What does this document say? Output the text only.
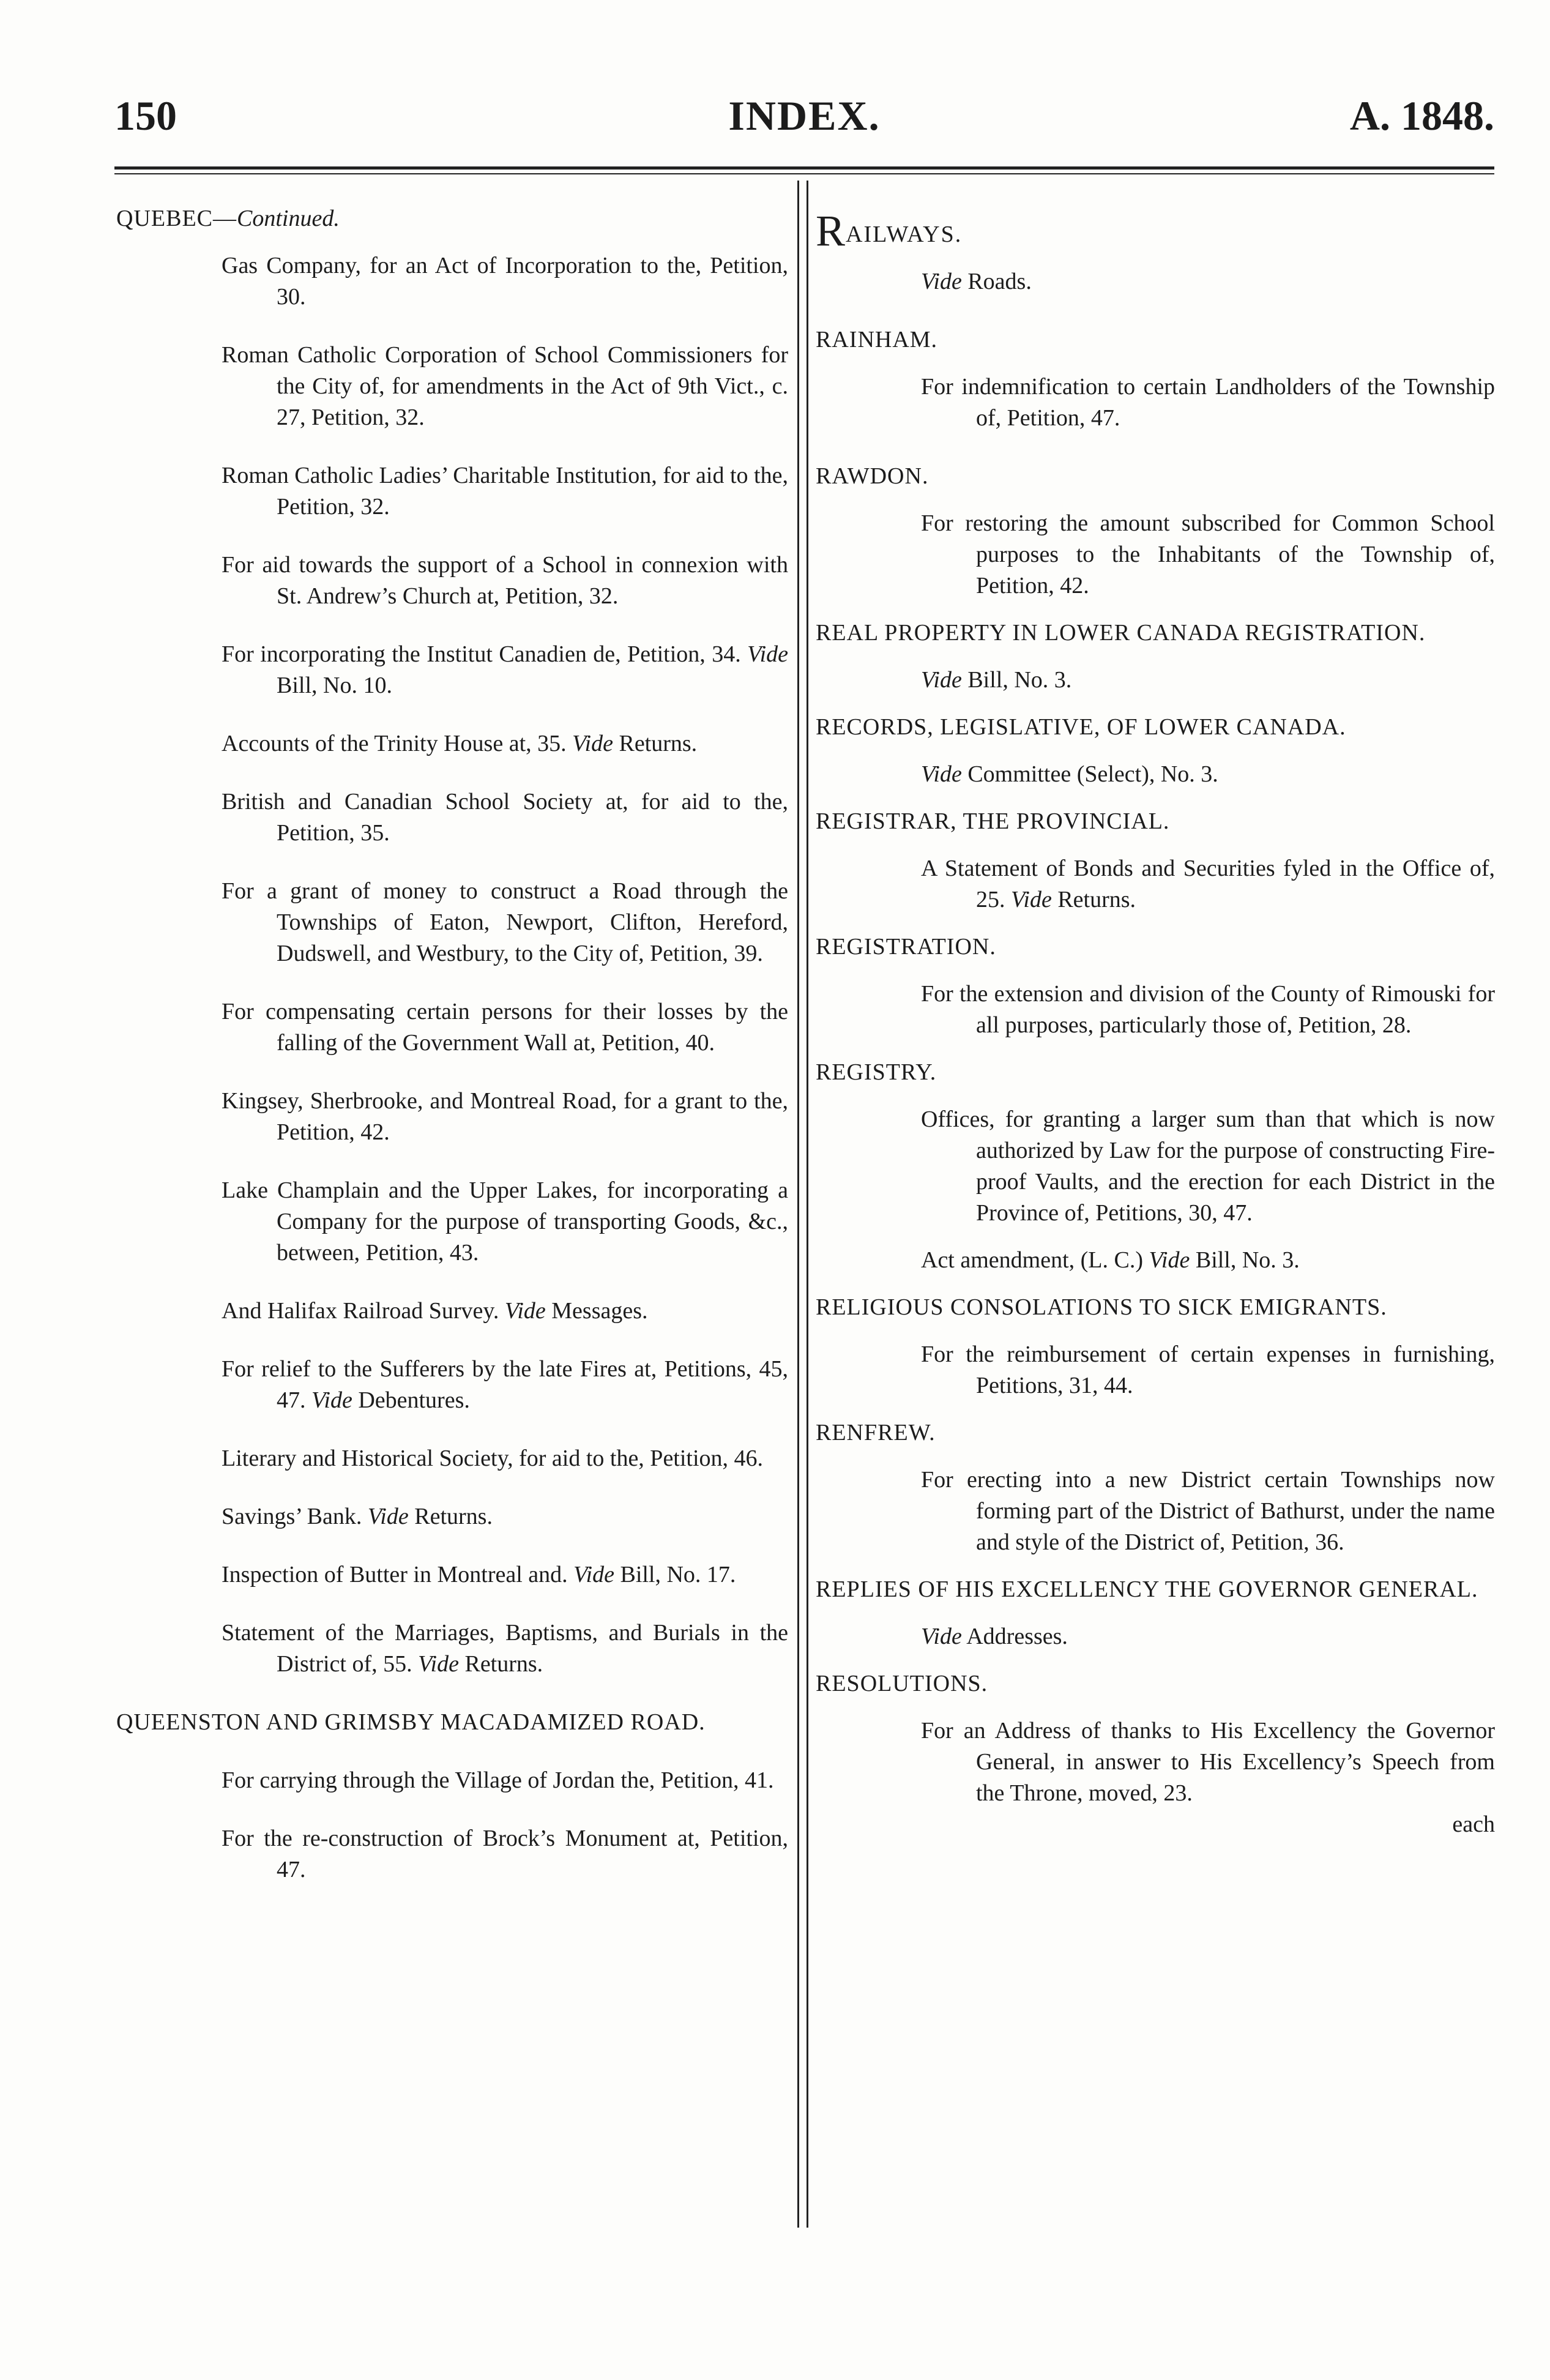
INDEX.
150	A. 1848.

QUEBEC—Continued.

Gas Company, for an Act of Incorporation to the, Petition, 30.

Roman Catholic Corporation of School Commissioners for the City of, for amendments in the Act of 9th Vict., c. 27, Petition, 32.

Roman Catholic Ladies’ Charitable Institution, for aid to the, Petition, 32.

For aid towards the support of a School in connexion with St. Andrew’s Church at, Petition, 32.

For incorporating the Institut Canadien de, Petition, 34. Vide Bill, No. 10.

Accounts of the Trinity House at, 35. Vide Returns.

British and Canadian School Society at, for aid to the, Petition, 35.

For a grant of money to construct a Road through the Townships of Eaton, Newport, Clifton, Hereford, Dudswell, and Westbury, to the City of, Petition, 39.

For compensating certain persons for their losses by the falling of the Government Wall at, Petition, 40.

Kingsey, Sherbrooke, and Montreal Road, for a grant to the, Petition, 42.

Lake Champlain and the Upper Lakes, for incorporating a Company for the purpose of transporting Goods, &c., between, Petition, 43.

And Halifax Railroad Survey. Vide Messages.

For relief to the Sufferers by the late Fires at, Petitions, 45, 47. Vide Debentures.

Literary and Historical Society, for aid to the, Petition, 46.

Savings’ Bank. Vide Returns.

Inspection of Butter in Montreal and. Vide Bill, No. 17.

Statement of the Marriages, Baptisms, and Burials in the District of, 55. Vide Returns.

QUEENSTON AND GRIMSBY MACADAMIZED ROAD.

For carrying through the Village of Jordan the, Petition, 41.

For the re-construction of Brock’s Monument at, Petition, 47.

RAILWAYS.

Vide Roads.

RAINHAM.

For indemnification to certain Landholders of the Township of, Petition, 47.

RAWDON.

For restoring the amount subscribed for Common School purposes to the Inhabitants of the Township of, Petition, 42.

REAL PROPERTY IN LOWER CANADA REGISTRATION.

Vide Bill, No. 3.

RECORDS, LEGISLATIVE, OF LOWER CANADA.

Vide Committee (Select), No. 3.

REGISTRAR, THE PROVINCIAL.

A Statement of Bonds and Securities fyled in the Office of, 25. Vide Returns.

REGISTRATION.

For the extension and division of the County of Rimouski for all purposes, particularly those of, Petition, 28.

REGISTRY.

Offices, for granting a larger sum than that which is now authorized by Law for the purpose of constructing Fire-proof Vaults, and the erection for each District in the Province of, Petitions, 30, 47.

Act amendment, (L. C.) Vide Bill, No. 3.

RELIGIOUS CONSOLATIONS TO SICK EMIGRANTS.

For the reimbursement of certain expenses in furnishing, Petitions, 31, 44.

RENFREW.

For erecting into a new District certain Townships now forming part of the District of Bathurst, under the name and style of the District of, Petition, 36.

REPLIES OF HIS EXCELLENCY THE GOVERNOR GENERAL.

Vide Addresses.

RESOLUTIONS.

For an Address of thanks to His Excellency the Governor General, in answer to His Excellency’s Speech from the Throne, moved, 23.

each
